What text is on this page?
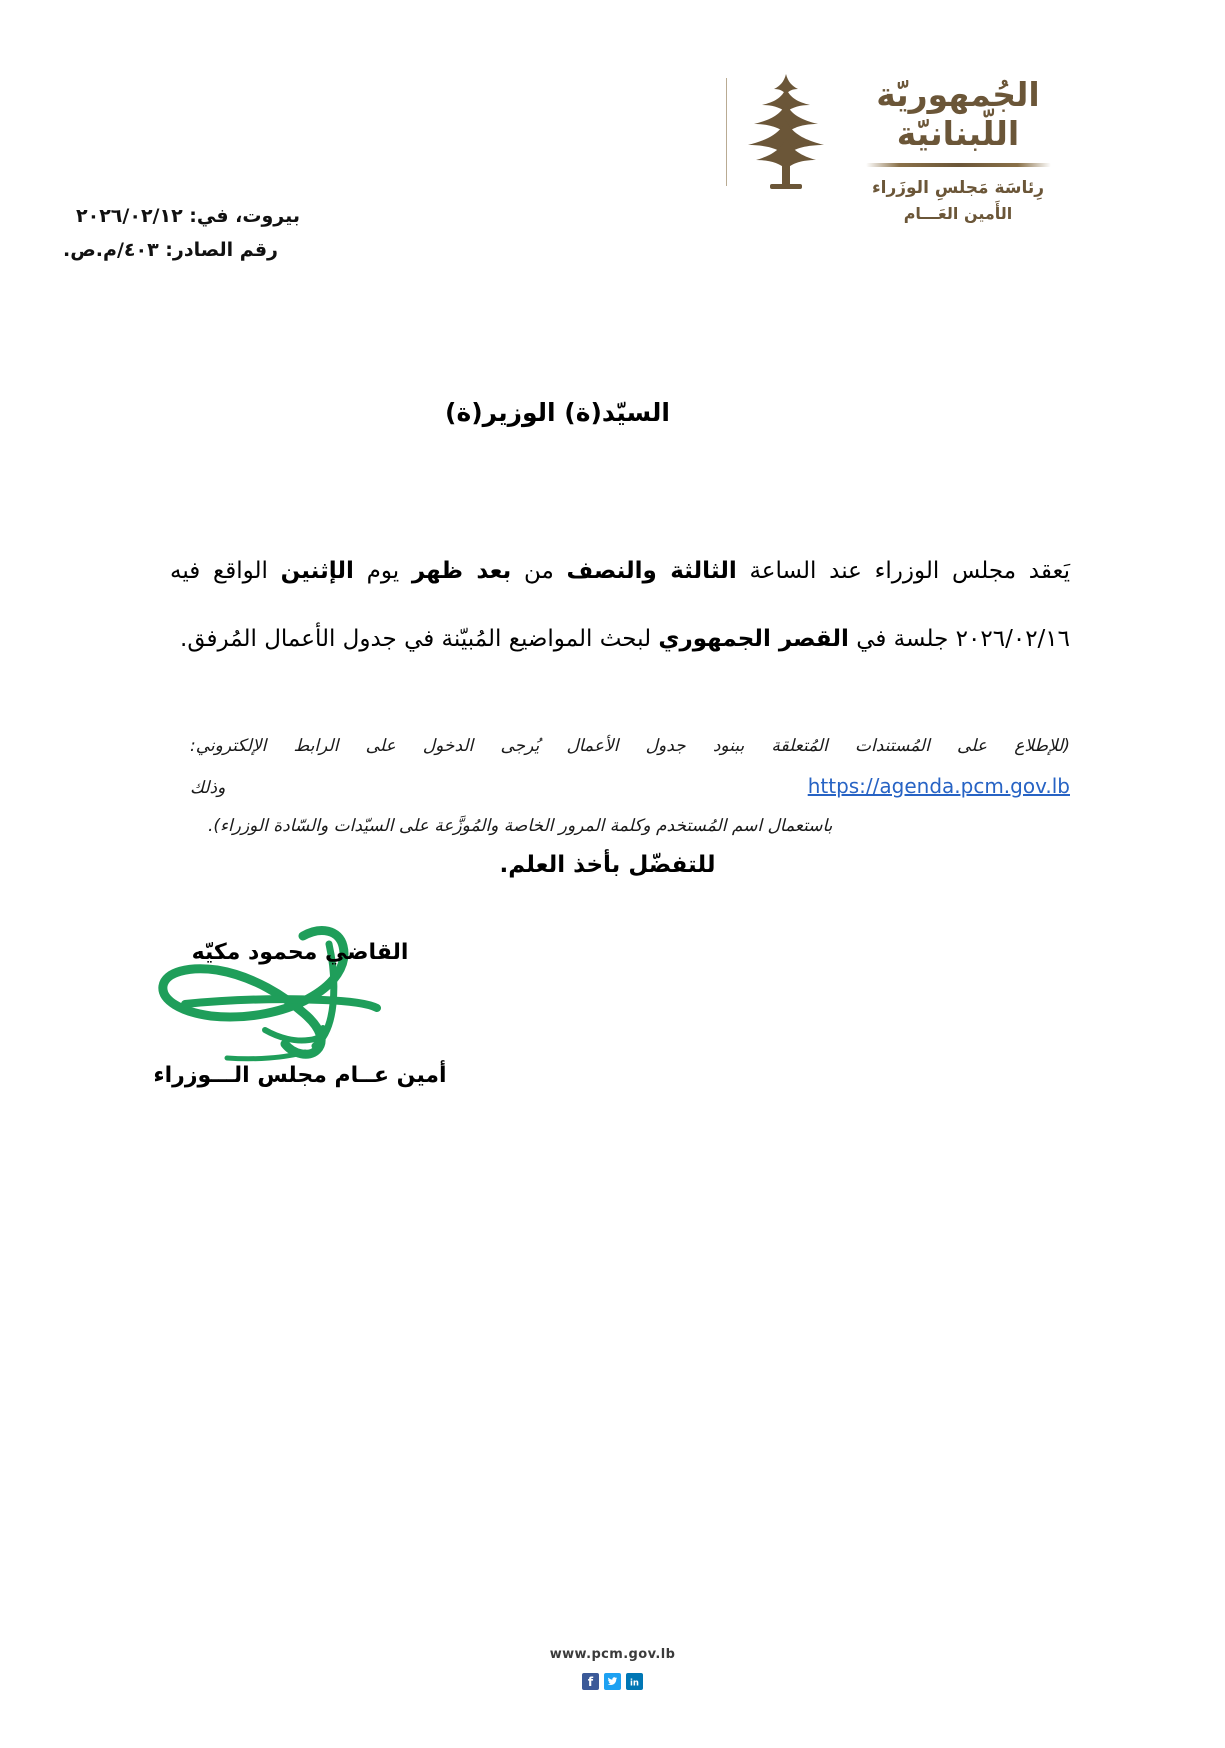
الجُمهوريّة
اللّبنانيّة
رِئاسَة مَجلسِ الوزَراء
الأَمين العَـــام
بيروت، في: ٢٠٢٦/٠٢/١٢
رقم الصادر: ٤٠٣/م.ص.
السيّد(ة) الوزير(ة)
يَعقد مجلس الوزراء عند الساعة الثالثة والنصف من بعد ظهر يوم الإثنين الواقع فيه
٢٠٢٦/٠٢/١٦ جلسة في القصر الجمهوري لبحث المواضيع المُبيّنة في جدول الأعمال المُرفق.
(للإطلاع على المُستندات المُتعلقة ببنود جدول الأعمال يُرجى الدخول على الرابط الإلكتروني: https://agenda.pcm.gov.lb وذلك
باستعمال اسم المُستخدم وكلمة المرور الخاصة والمُوزَّعة على السيّدات والسّادة الوزراء).
للتفضّل بأخذ العلم.
القاضي محمود مكيّه
أمين عــام مجلس الـــوزراء
www.pcm.gov.lb
f	in
